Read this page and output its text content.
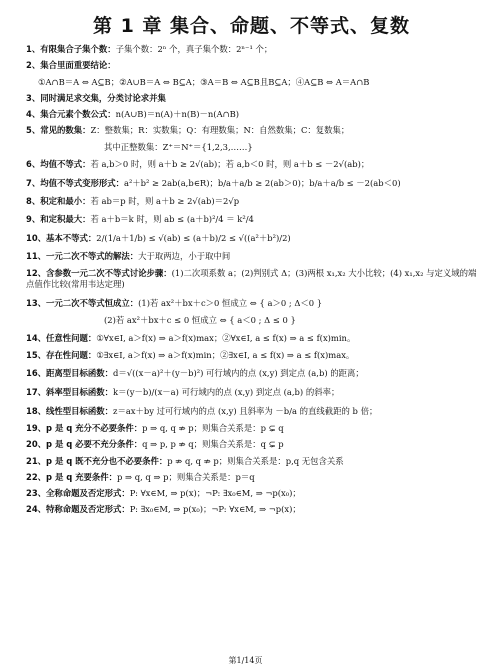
第 1 章 集合、命题、不等式、复数
1、有限集合子集个数：子集个数：2ⁿ 个，真子集个数：2ⁿ⁻¹ 个；
2、集合里面重要结论：
①A∩B＝A ⇔ A⊆B；②A∪B＝A ⇔ B⊆A；③A＝B ⇔ A⊆B且B⊆A；④A⊆B ⇔ A＝A∩B
3、同时满足求交集，分类讨论求并集
4、集合元素个数公式：n(A∪B)＝n(A)＋n(B)－n(A∩B)
5、常见的数集：Z：整数集；R：实数集；Q：有理数集；N：自然数集；C：复数集；
其中正整数集：Z⁺＝N⁺＝{1,2,3,……}
6、均值不等式：若 a,b＞0 时，则 a＋b ≥ 2√(ab)；若 a,b＜0 时，则 a＋b ≤ －2√(ab)；
7、均值不等式变形形式：a²＋b² ≥ 2ab(a,b∈R)；b/a＋a/b ≥ 2(ab＞0)；b/a＋a/b ≤ －2(ab＜0)
8、积定和最小：若 ab＝p 时，则 a＋b ≥ 2√(ab)＝2√p
9、和定积最大：若 a＋b＝k 时，则 ab ≤ (a＋b)²/4 ＝ k²/4
10、基本不等式：2/(1/a＋1/b) ≤ √(ab) ≤ (a＋b)/2 ≤ √((a²＋b²)/2)
11、一元二次不等式的解法：大于取两边，小于取中间
12、含参数一元二次不等式讨论步骤：(1)二次项系数 a；(2)判别式 Δ；(3)两根 x₁,x₂ 大小比较；(4) x₁,x₂ 与定义域的端点值作比较(常用韦达定理)
13、一元二次不等式恒成立：(1)若 ax²＋bx＋c＞0 恒成立 ⇔ { a＞0 ; Δ＜0 }
(2)若 ax²＋bx＋c ≤ 0 恒成立 ⇔ { a＜0 ; Δ ≤ 0 }
14、任意性问题：①∀x∈I, a＞f(x) ⇒ a＞f(x)max；②∀x∈I, a ≤ f(x) ⇒ a ≤ f(x)min。
15、存在性问题：①∃x∈I, a＞f(x) ⇒ a＞f(x)min；②∃x∈I, a ≤ f(x) ⇒ a ≤ f(x)max。
16、距离型目标函数：d＝√((x－a)²＋(y－b)²) 可行域内的点 (x,y) 到定点 (a,b) 的距离；
17、斜率型目标函数：k＝(y－b)/(x－a) 可行域内的点 (x,y) 到定点 (a,b) 的斜率；
18、线性型目标函数：z＝ax＋by 过可行域内的点 (x,y) 且斜率为 －b/a 的直线截距的 b 倍；
19、p 是 q 充分不必要条件：p ⇒ q, q ⇏ p；则集合关系是：p ⊊ q
20、p 是 q 必要不充分条件：q ⇒ p, p ⇏ q；则集合关系是：q ⊊ p
21、p 是 q 既不充分也不必要条件：p ⇏ q, q ⇏ p；则集合关系是：p,q 无包含关系
22、p 是 q 充要条件：p ⇒ q, q ⇒ p；则集合关系是：p＝q
23、全称命题及否定形式：P: ∀x∈M, ⇒ p(x)；¬P: ∃x₀∈M, ⇒ ¬p(x₀)；
24、特称命题及否定形式：P: ∃x₀∈M, ⇒ p(x₀)；¬P: ∀x∈M, ⇒ ¬p(x)；
第1/14页
